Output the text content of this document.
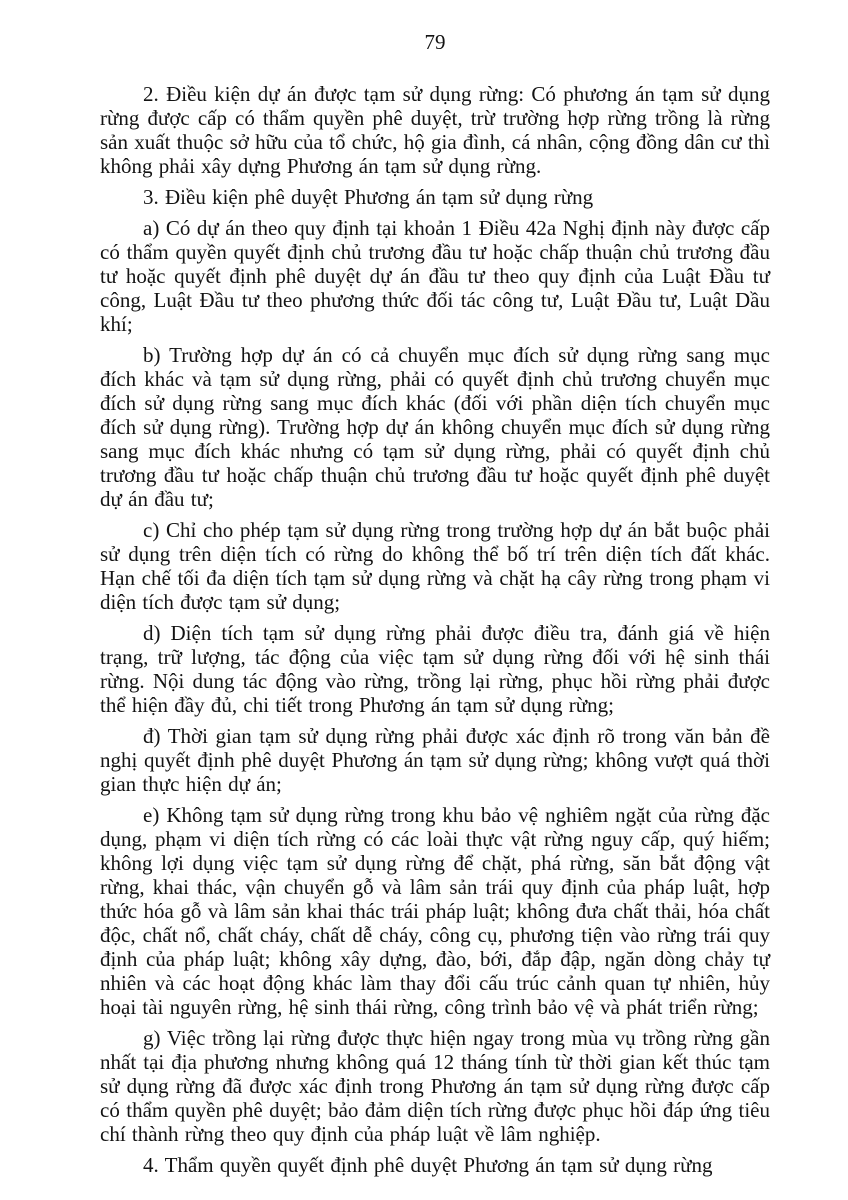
79

2. Điều kiện dự án được tạm sử dụng rừng: Có phương án tạm sử dụng rừng được cấp có thẩm quyền phê duyệt, trừ trường hợp rừng trồng là rừng sản xuất thuộc sở hữu của tổ chức, hộ gia đình, cá nhân, cộng đồng dân cư thì không phải xây dựng Phương án tạm sử dụng rừng.

3. Điều kiện phê duyệt Phương án tạm sử dụng rừng

a) Có dự án theo quy định tại khoản 1 Điều 42a Nghị định này được cấp có thẩm quyền quyết định chủ trương đầu tư hoặc chấp thuận chủ trương đầu tư hoặc quyết định phê duyệt dự án đầu tư theo quy định của Luật Đầu tư công, Luật Đầu tư theo phương thức đối tác công tư, Luật Đầu tư, Luật Dầu khí;

b) Trường hợp dự án có cả chuyển mục đích sử dụng rừng sang mục đích khác và tạm sử dụng rừng, phải có quyết định chủ trương chuyển mục đích sử dụng rừng sang mục đích khác (đối với phần diện tích chuyển mục đích sử dụng rừng). Trường hợp dự án không chuyển mục đích sử dụng rừng sang mục đích khác nhưng có tạm sử dụng rừng, phải có quyết định chủ trương đầu tư hoặc chấp thuận chủ trương đầu tư hoặc quyết định phê duyệt dự án đầu tư;

c) Chỉ cho phép tạm sử dụng rừng trong trường hợp dự án bắt buộc phải sử dụng trên diện tích có rừng do không thể bố trí trên diện tích đất khác. Hạn chế tối đa diện tích tạm sử dụng rừng và chặt hạ cây rừng trong phạm vi diện tích được tạm sử dụng;

d) Diện tích tạm sử dụng rừng phải được điều tra, đánh giá về hiện trạng, trữ lượng, tác động của việc tạm sử dụng rừng đối với hệ sinh thái rừng. Nội dung tác động vào rừng, trồng lại rừng, phục hồi rừng phải được thể hiện đầy đủ, chi tiết trong Phương án tạm sử dụng rừng;

đ) Thời gian tạm sử dụng rừng phải được xác định rõ trong văn bản đề nghị quyết định phê duyệt Phương án tạm sử dụng rừng; không vượt quá thời gian thực hiện dự án;

e) Không tạm sử dụng rừng trong khu bảo vệ nghiêm ngặt của rừng đặc dụng, phạm vi diện tích rừng có các loài thực vật rừng nguy cấp, quý hiếm; không lợi dụng việc tạm sử dụng rừng để chặt, phá rừng, săn bắt động vật rừng, khai thác, vận chuyển gỗ và lâm sản trái quy định của pháp luật, hợp thức hóa gỗ và lâm sản khai thác trái pháp luật; không đưa chất thải, hóa chất độc, chất nổ, chất cháy, chất dễ cháy, công cụ, phương tiện vào rừng trái quy định của pháp luật; không xây dựng, đào, bới, đắp đập, ngăn dòng chảy tự nhiên và các hoạt động khác làm thay đổi cấu trúc cảnh quan tự nhiên, hủy hoại tài nguyên rừng, hệ sinh thái rừng, công trình bảo vệ và phát triển rừng;

g) Việc trồng lại rừng được thực hiện ngay trong mùa vụ trồng rừng gần nhất tại địa phương nhưng không quá 12 tháng tính từ thời gian kết thúc tạm sử dụng rừng đã được xác định trong Phương án tạm sử dụng rừng được cấp có thẩm quyền phê duyệt; bảo đảm diện tích rừng được phục hồi đáp ứng tiêu chí thành rừng theo quy định của pháp luật về lâm nghiệp.

4. Thẩm quyền quyết định phê duyệt Phương án tạm sử dụng rừng
